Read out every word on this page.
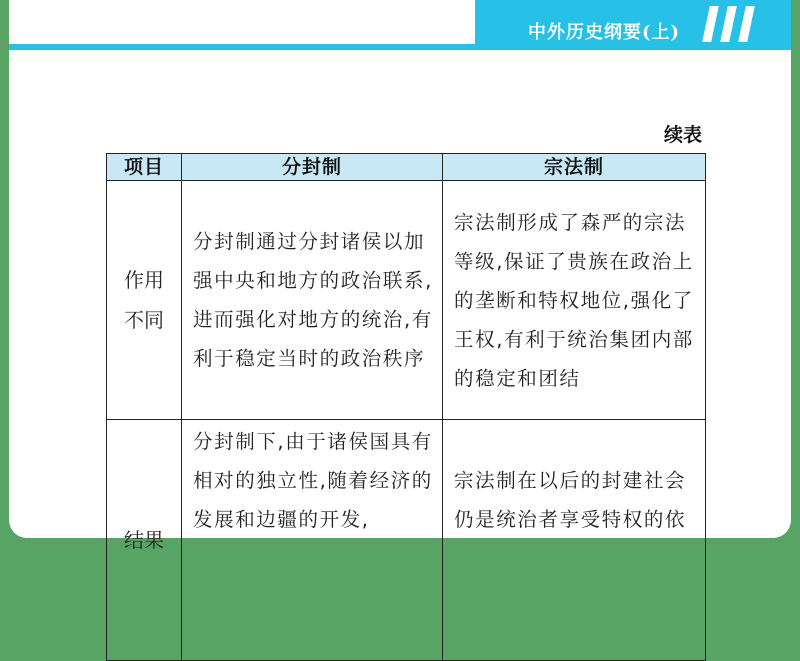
中外历史纲要(上)
续表
项目	分封制	宗法制
作用
不同	分封制通过分封诸侯以加强中央和地方的政治联系,进而强化对地方的统治,有利于稳定当时的政治秩序	宗法制形成了森严的宗法等级,保证了贵族在政治上的垄断和特权地位,强化了王权,有利于统治集团内部的稳定和团结
结果	分封制下,由于诸侯国具有相对的独立性,随着经济的发展和边疆的开发,	宗法制在以后的封建社会仍是统治者享受特权的依
